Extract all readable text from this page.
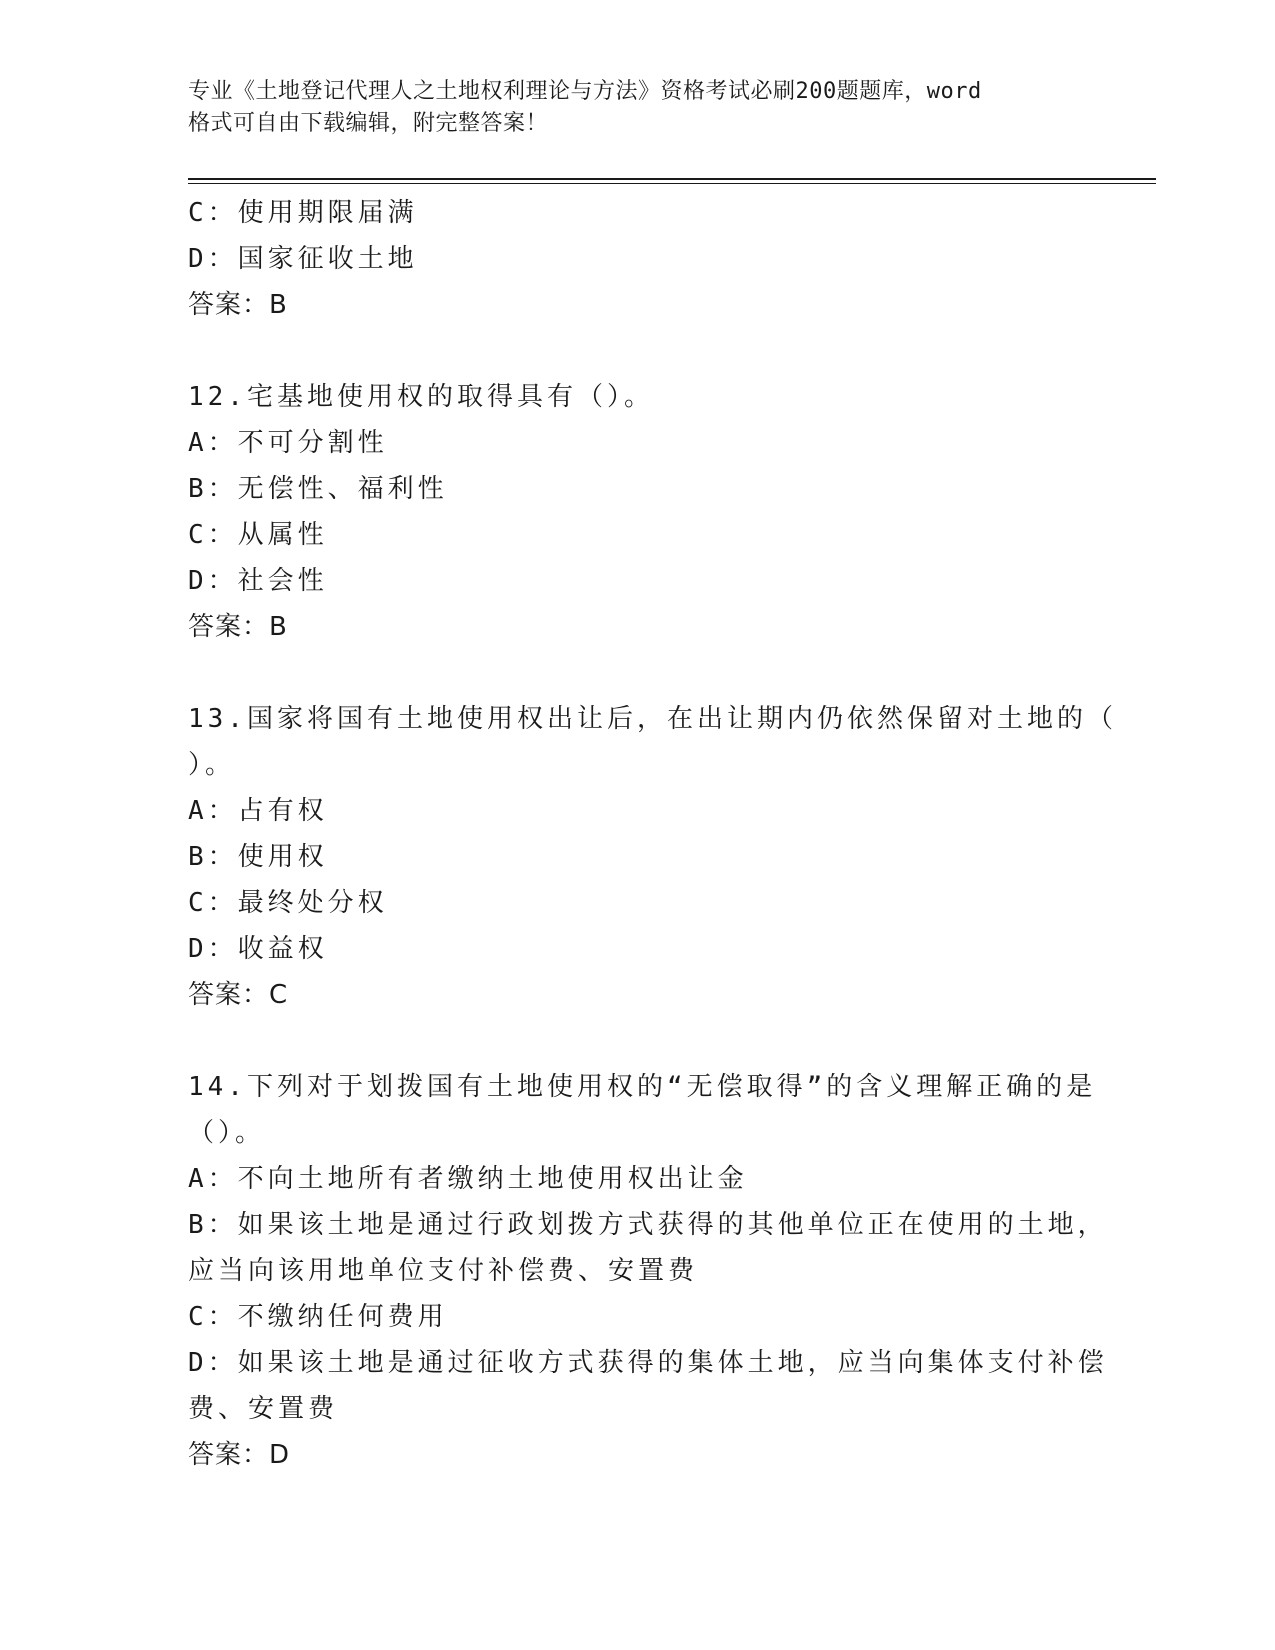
专业《土地登记代理人之土地权利理论与方法》资格考试必刷200题题库，word
格式可自由下载编辑，附完整答案！
C：使用期限届满
D：国家征收土地
答案：B
12.宅基地使用权的取得具有（）。
A：不可分割性
B：无偿性、福利性
C：从属性
D：社会性
答案：B
13.国家将国有土地使用权出让后，在出让期内仍依然保留对土地的（
）。
A：占有权
B：使用权
C：最终处分权
D：收益权
答案：C
14.下列对于划拨国有土地使用权的“无偿取得”的含义理解正确的是
（）。
A：不向土地所有者缴纳土地使用权出让金
B：如果该土地是通过行政划拨方式获得的其他单位正在使用的土地，
应当向该用地单位支付补偿费、安置费
C：不缴纳任何费用
D：如果该土地是通过征收方式获得的集体土地，应当向集体支付补偿
费、安置费
答案：D
